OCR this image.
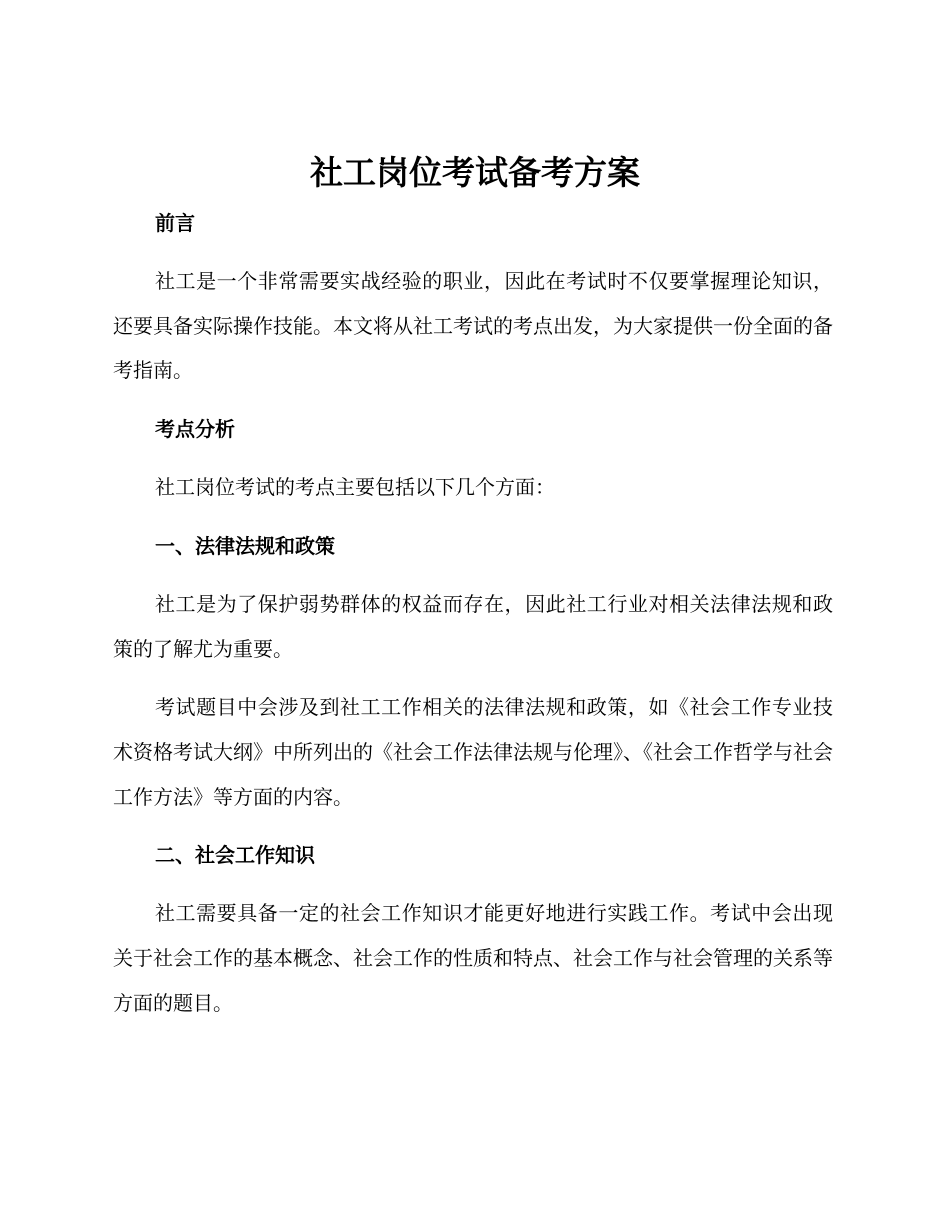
社工岗位考试备考方案
前言

社工是一个非常需要实战经验的职业，因此在考试时不仅要掌握理论知识，还要具备实际操作技能。本文将从社工考试的考点出发，为大家提供一份全面的备考指南。

考点分析

社工岗位考试的考点主要包括以下几个方面：

一、法律法规和政策

社工是为了保护弱势群体的权益而存在，因此社工行业对相关法律法规和政策的了解尤为重要。

考试题目中会涉及到社工工作相关的法律法规和政策，如《社会工作专业技术资格考试大纲》中所列出的《社会工作法律法规与伦理》、《社会工作哲学与社会工作方法》等方面的内容。

二、社会工作知识

社工需要具备一定的社会工作知识才能更好地进行实践工作。考试中会出现关于社会工作的基本概念、社会工作的性质和特点、社会工作与社会管理的关系等方面的题目。
